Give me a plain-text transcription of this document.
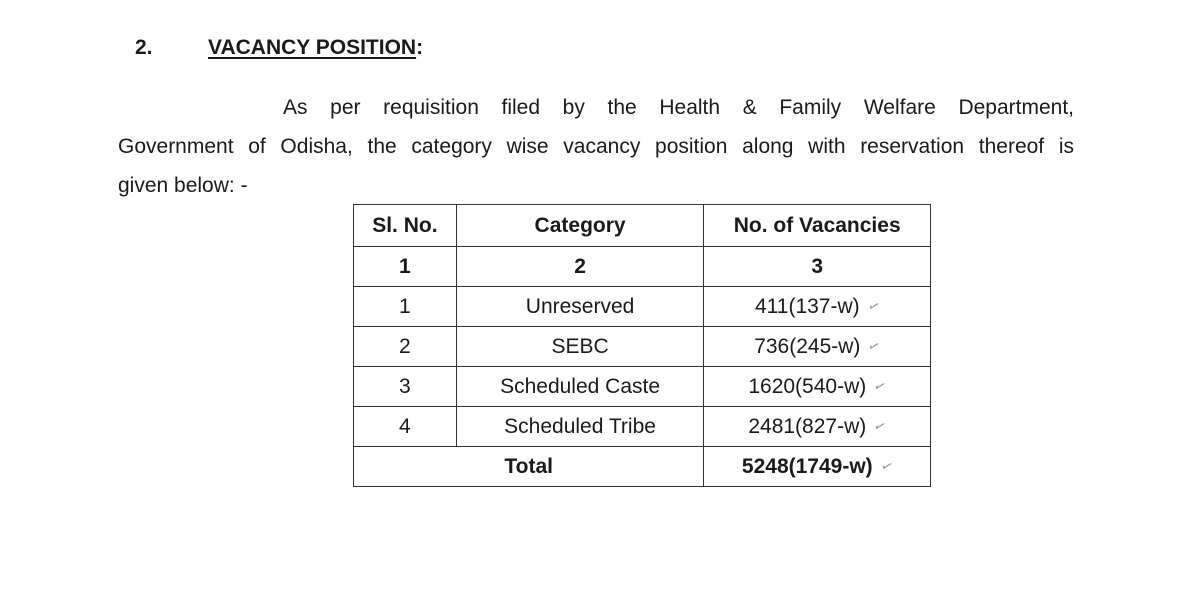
2.	VACANCY POSITION:
As per requisition filed by the Health & Family Welfare Department,
Government of Odisha, the category wise vacancy position along with reservation thereof is
given below: -
Sl. No.	Category	No. of Vacancies
1	2	3
1	Unreserved	411(137-w) ✓
2	SEBC	736(245-w) ✓
3	Scheduled Caste	1620(540-w) ✓
4	Scheduled Tribe	2481(827-w) ✓
Total		5248(1749-w) ✓
